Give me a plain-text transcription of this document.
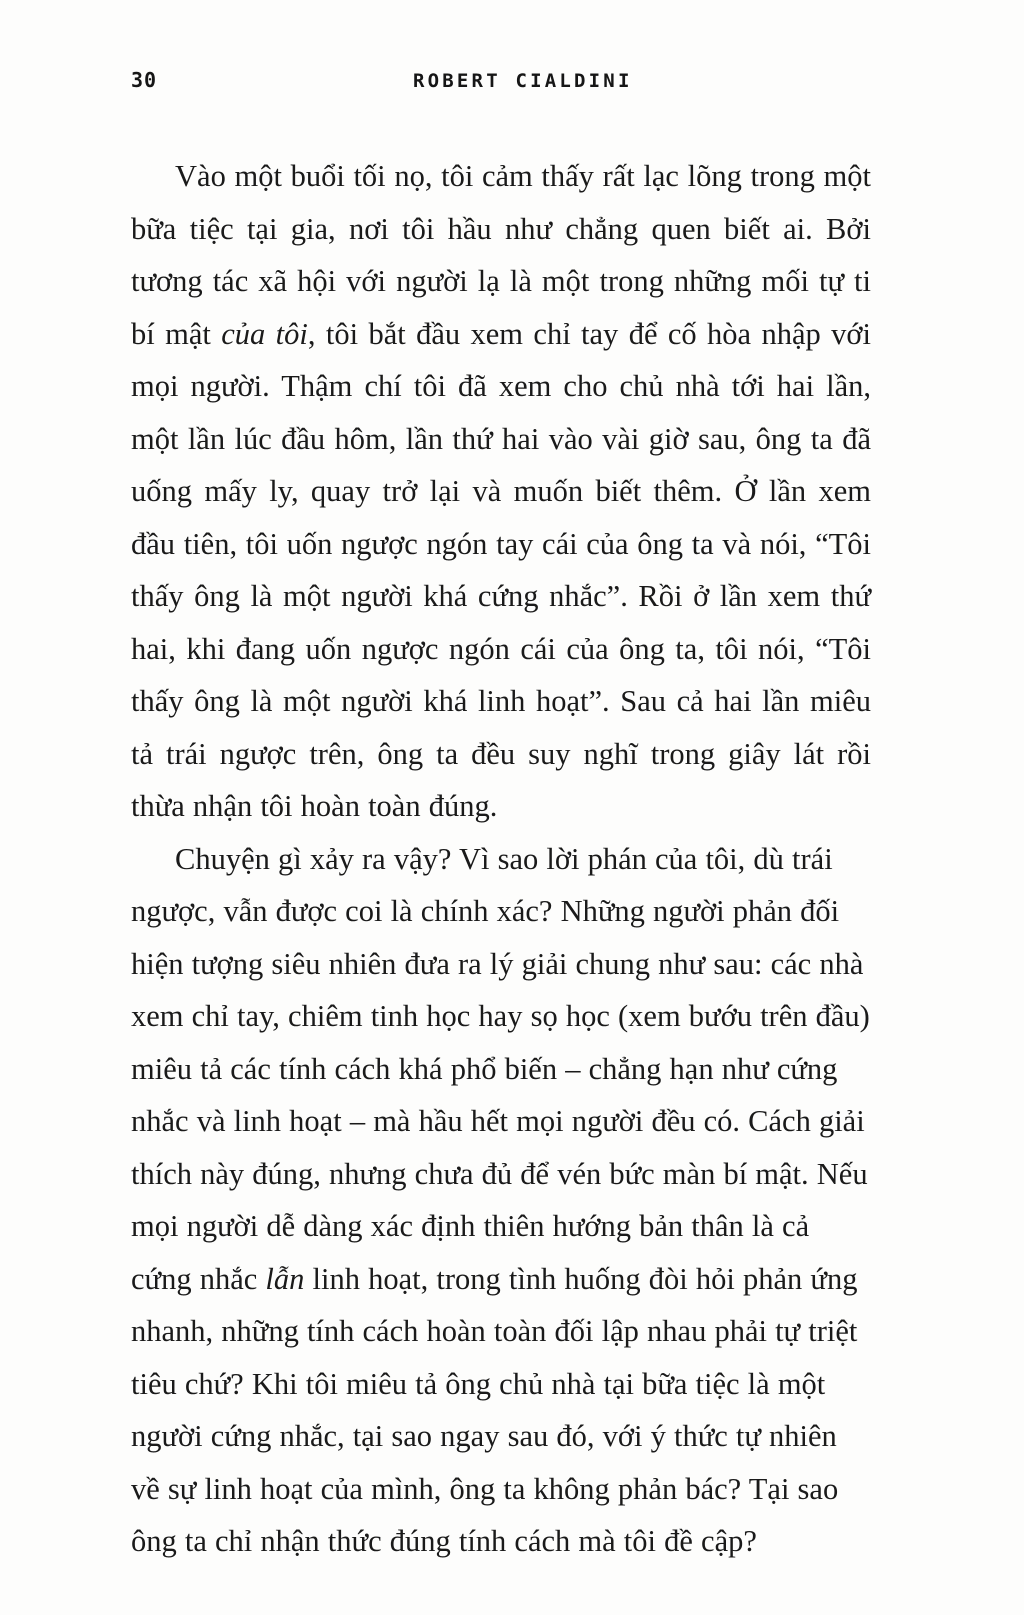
30	ROBERT CIALDINI

Vào một buổi tối nọ, tôi cảm thấy rất lạc lõng trong một bữa tiệc tại gia, nơi tôi hầu như chẳng quen biết ai. Bởi tương tác xã hội với người lạ là một trong những mối tự ti bí mật của tôi, tôi bắt đầu xem chỉ tay để cố hòa nhập với mọi người. Thậm chí tôi đã xem cho chủ nhà tới hai lần, một lần lúc đầu hôm, lần thứ hai vào vài giờ sau, ông ta đã uống mấy ly, quay trở lại và muốn biết thêm. Ở lần xem đầu tiên, tôi uốn ngược ngón tay cái của ông ta và nói, “Tôi thấy ông là một người khá cứng nhắc”. Rồi ở lần xem thứ hai, khi đang uốn ngược ngón cái của ông ta, tôi nói, “Tôi thấy ông là một người khá linh hoạt”. Sau cả hai lần miêu tả trái ngược trên, ông ta đều suy nghĩ trong giây lát rồi thừa nhận tôi hoàn toàn đúng.

Chuyện gì xảy ra vậy? Vì sao lời phán của tôi, dù trái ngược, vẫn được coi là chính xác? Những người phản đối hiện tượng siêu nhiên đưa ra lý giải chung như sau: các nhà xem chỉ tay, chiêm tinh học hay sọ học (xem bướu trên đầu) miêu tả các tính cách khá phổ biến – chẳng hạn như cứng nhắc và linh hoạt – mà hầu hết mọi người đều có. Cách giải thích này đúng, nhưng chưa đủ để vén bức màn bí mật. Nếu mọi người dễ dàng xác định thiên hướng bản thân là cả cứng nhắc lẫn linh hoạt, trong tình huống đòi hỏi phản ứng nhanh, những tính cách hoàn toàn đối lập nhau phải tự triệt tiêu chứ? Khi tôi miêu tả ông chủ nhà tại bữa tiệc là một người cứng nhắc, tại sao ngay sau đó, với ý thức tự nhiên về sự linh hoạt của mình, ông ta không phản bác? Tại sao ông ta chỉ nhận thức đúng tính cách mà tôi đề cập?
